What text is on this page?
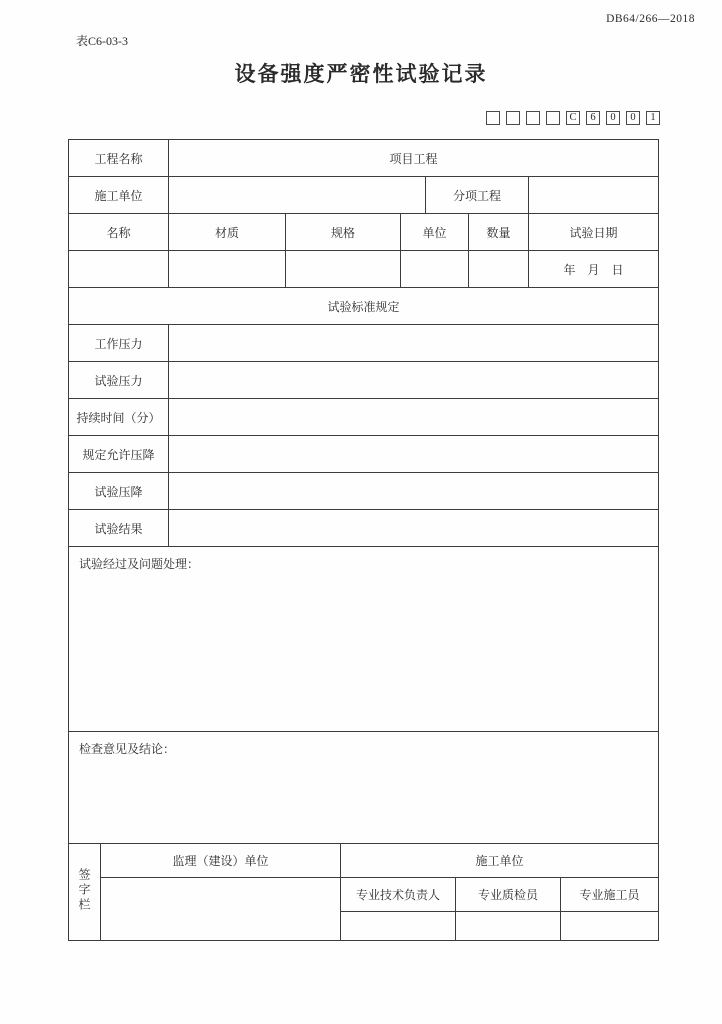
DB64/266—2018
表C6-03-3
设备强度严密性试验记录
C 6 0 0 1
工程名称	项目工程		
施工单位		分项工程	
名称	材质	规格	单位	数量	试验日期
					年　月　日
试验标准规定
工作压力	
试验压力	
持续时间（分）	
规定允许压降	
试验压降	
试验结果	
试验经过及问题处理：
检查意见及结论：
签字栏	监理（建设）单位	施工单位		
		专业技术负责人	专业质检员	专业施工员
